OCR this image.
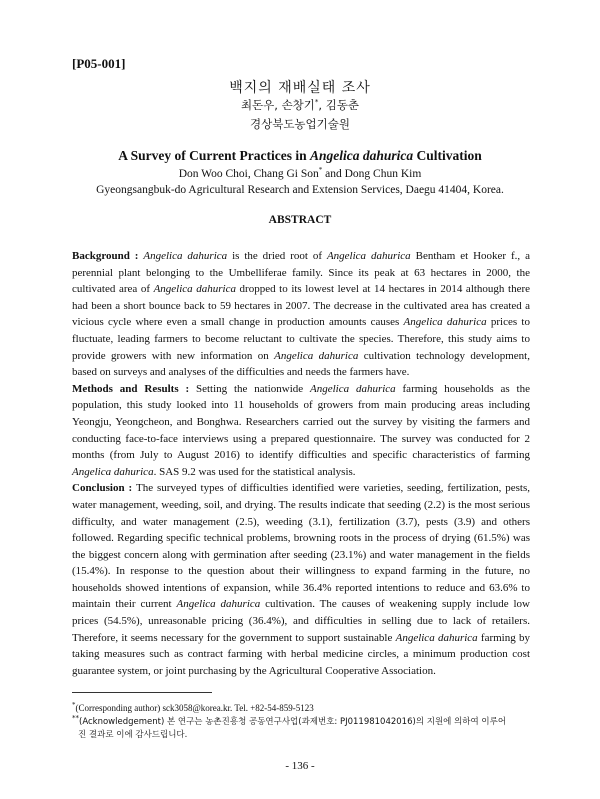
[P05-001]
백지의 재배실태 조사
최돈우, 손창기*, 김동춘
경상북도농업기술원
A Survey of Current Practices in Angelica dahurica Cultivation
Don Woo Choi, Chang Gi Son* and Dong Chun Kim
Gyeongsangbuk-do Agricultural Research and Extension Services, Daegu 41404, Korea.
ABSTRACT

Background : Angelica dahurica is the dried root of Angelica dahurica Bentham et Hooker f., a perennial plant belonging to the Umbelliferae family. Since its peak at 63 hectares in 2000, the cultivated area of Angelica dahurica dropped to its lowest level at 14 hectares in 2014 although there had been a short bounce back to 59 hectares in 2007. The decrease in the cultivated area has created a vicious cycle where even a small change in production amounts causes Angelica dahurica prices to fluctuate, leading farmers to become reluctant to cultivate the species. Therefore, this study aims to provide growers with new information on Angelica dahurica cultivation technology development, based on surveys and analyses of the difficulties and needs the farmers have.

Methods and Results : Setting the nationwide Angelica dahurica farming households as the population, this study looked into 11 households of growers from main producing areas including Yeongju, Yeongcheon, and Bonghwa. Researchers carried out the survey by visiting the farmers and conducting face-to-face interviews using a prepared questionnaire. The survey was conducted for 2 months (from July to August 2016) to identify difficulties and specific characteristics of farming Angelica dahurica. SAS 9.2 was used for the statistical analysis.

Conclusion : The surveyed types of difficulties identified were varieties, seeding, fertilization, pests, water management, weeding, soil, and drying. The results indicate that seeding (2.2) is the most serious difficulty, and water management (2.5), weeding (3.1), fertilization (3.7), pests (3.9) and others followed. Regarding specific technical problems, browning roots in the process of drying (61.5%) was the biggest concern along with germination after seeding (23.1%) and water management in the fields (15.4%). In response to the question about their willingness to expand farming in the future, no households showed intentions of expansion, while 36.4% reported intentions to reduce and 63.6% to maintain their current Angelica dahurica cultivation. The causes of weakening supply include low prices (54.5%), unreasonable pricing (36.4%), and difficulties in selling due to lack of retailers. Therefore, it seems necessary for the government to support sustainable Angelica dahurica farming by taking measures such as contract farming with herbal medicine circles, a minimum production cost guarantee system, or joint purchasing by the Agricultural Cooperative Association.

*(Corresponding author) sck3058@korea.kr. Tel. +82-54-859-5123
**(Acknowledgement) 본 연구는 농촌진흥청 공동연구사업(과제번호: PJ011981042016)의 지원에 의하여 이루어
진 결과로 이에 감사드립니다.
- 136 -
